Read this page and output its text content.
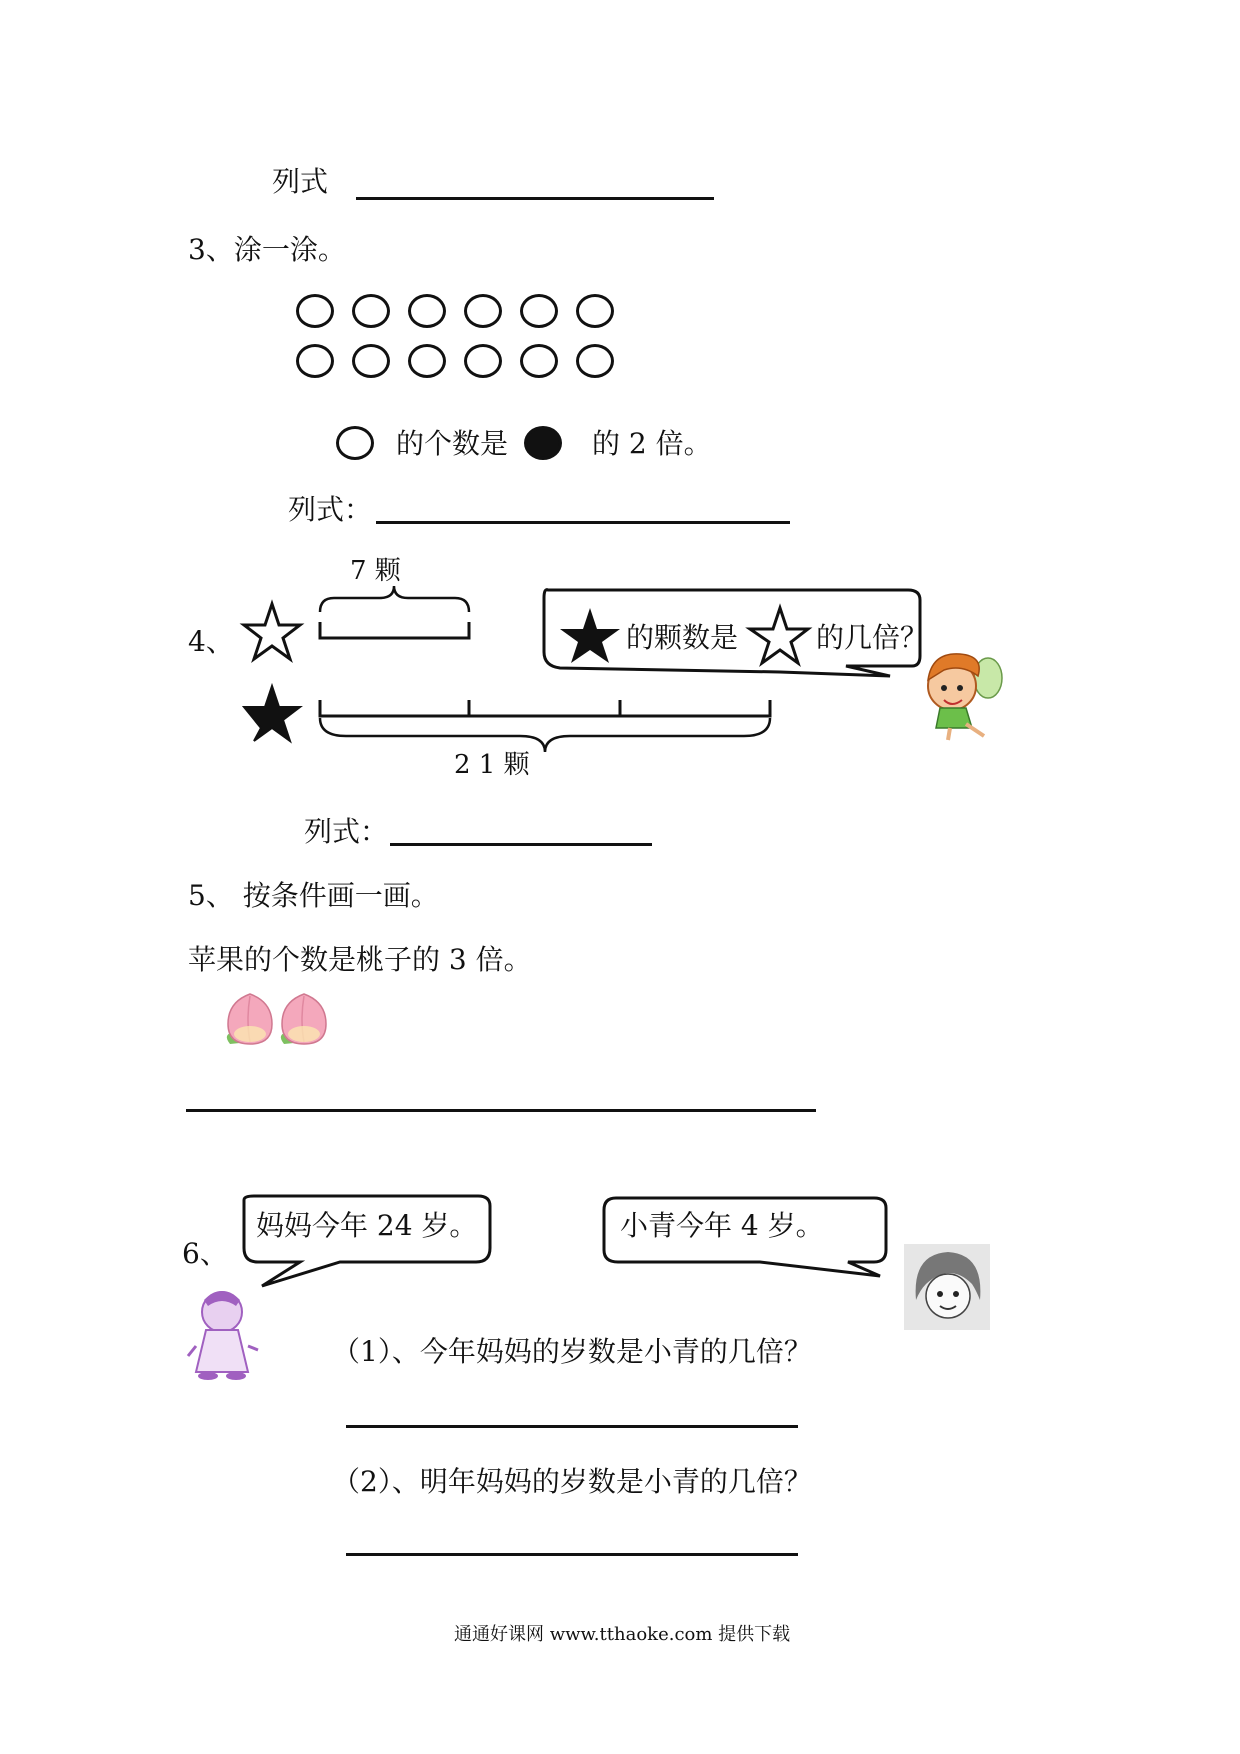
列式
3、涂一涂。
的个数是	的 2 倍。
列式：
4、
7 颗
的颗数是	的几倍？
2 1 颗
列式：
5、 按条件画一画。
苹果的个数是桃子的 3 倍。
6、
妈妈今年 24 岁。	小青今年 4 岁。
（1）、今年妈妈的岁数是小青的几倍？
（2）、明年妈妈的岁数是小青的几倍？
通通好课网 www.tthaoke.com 提供下载
